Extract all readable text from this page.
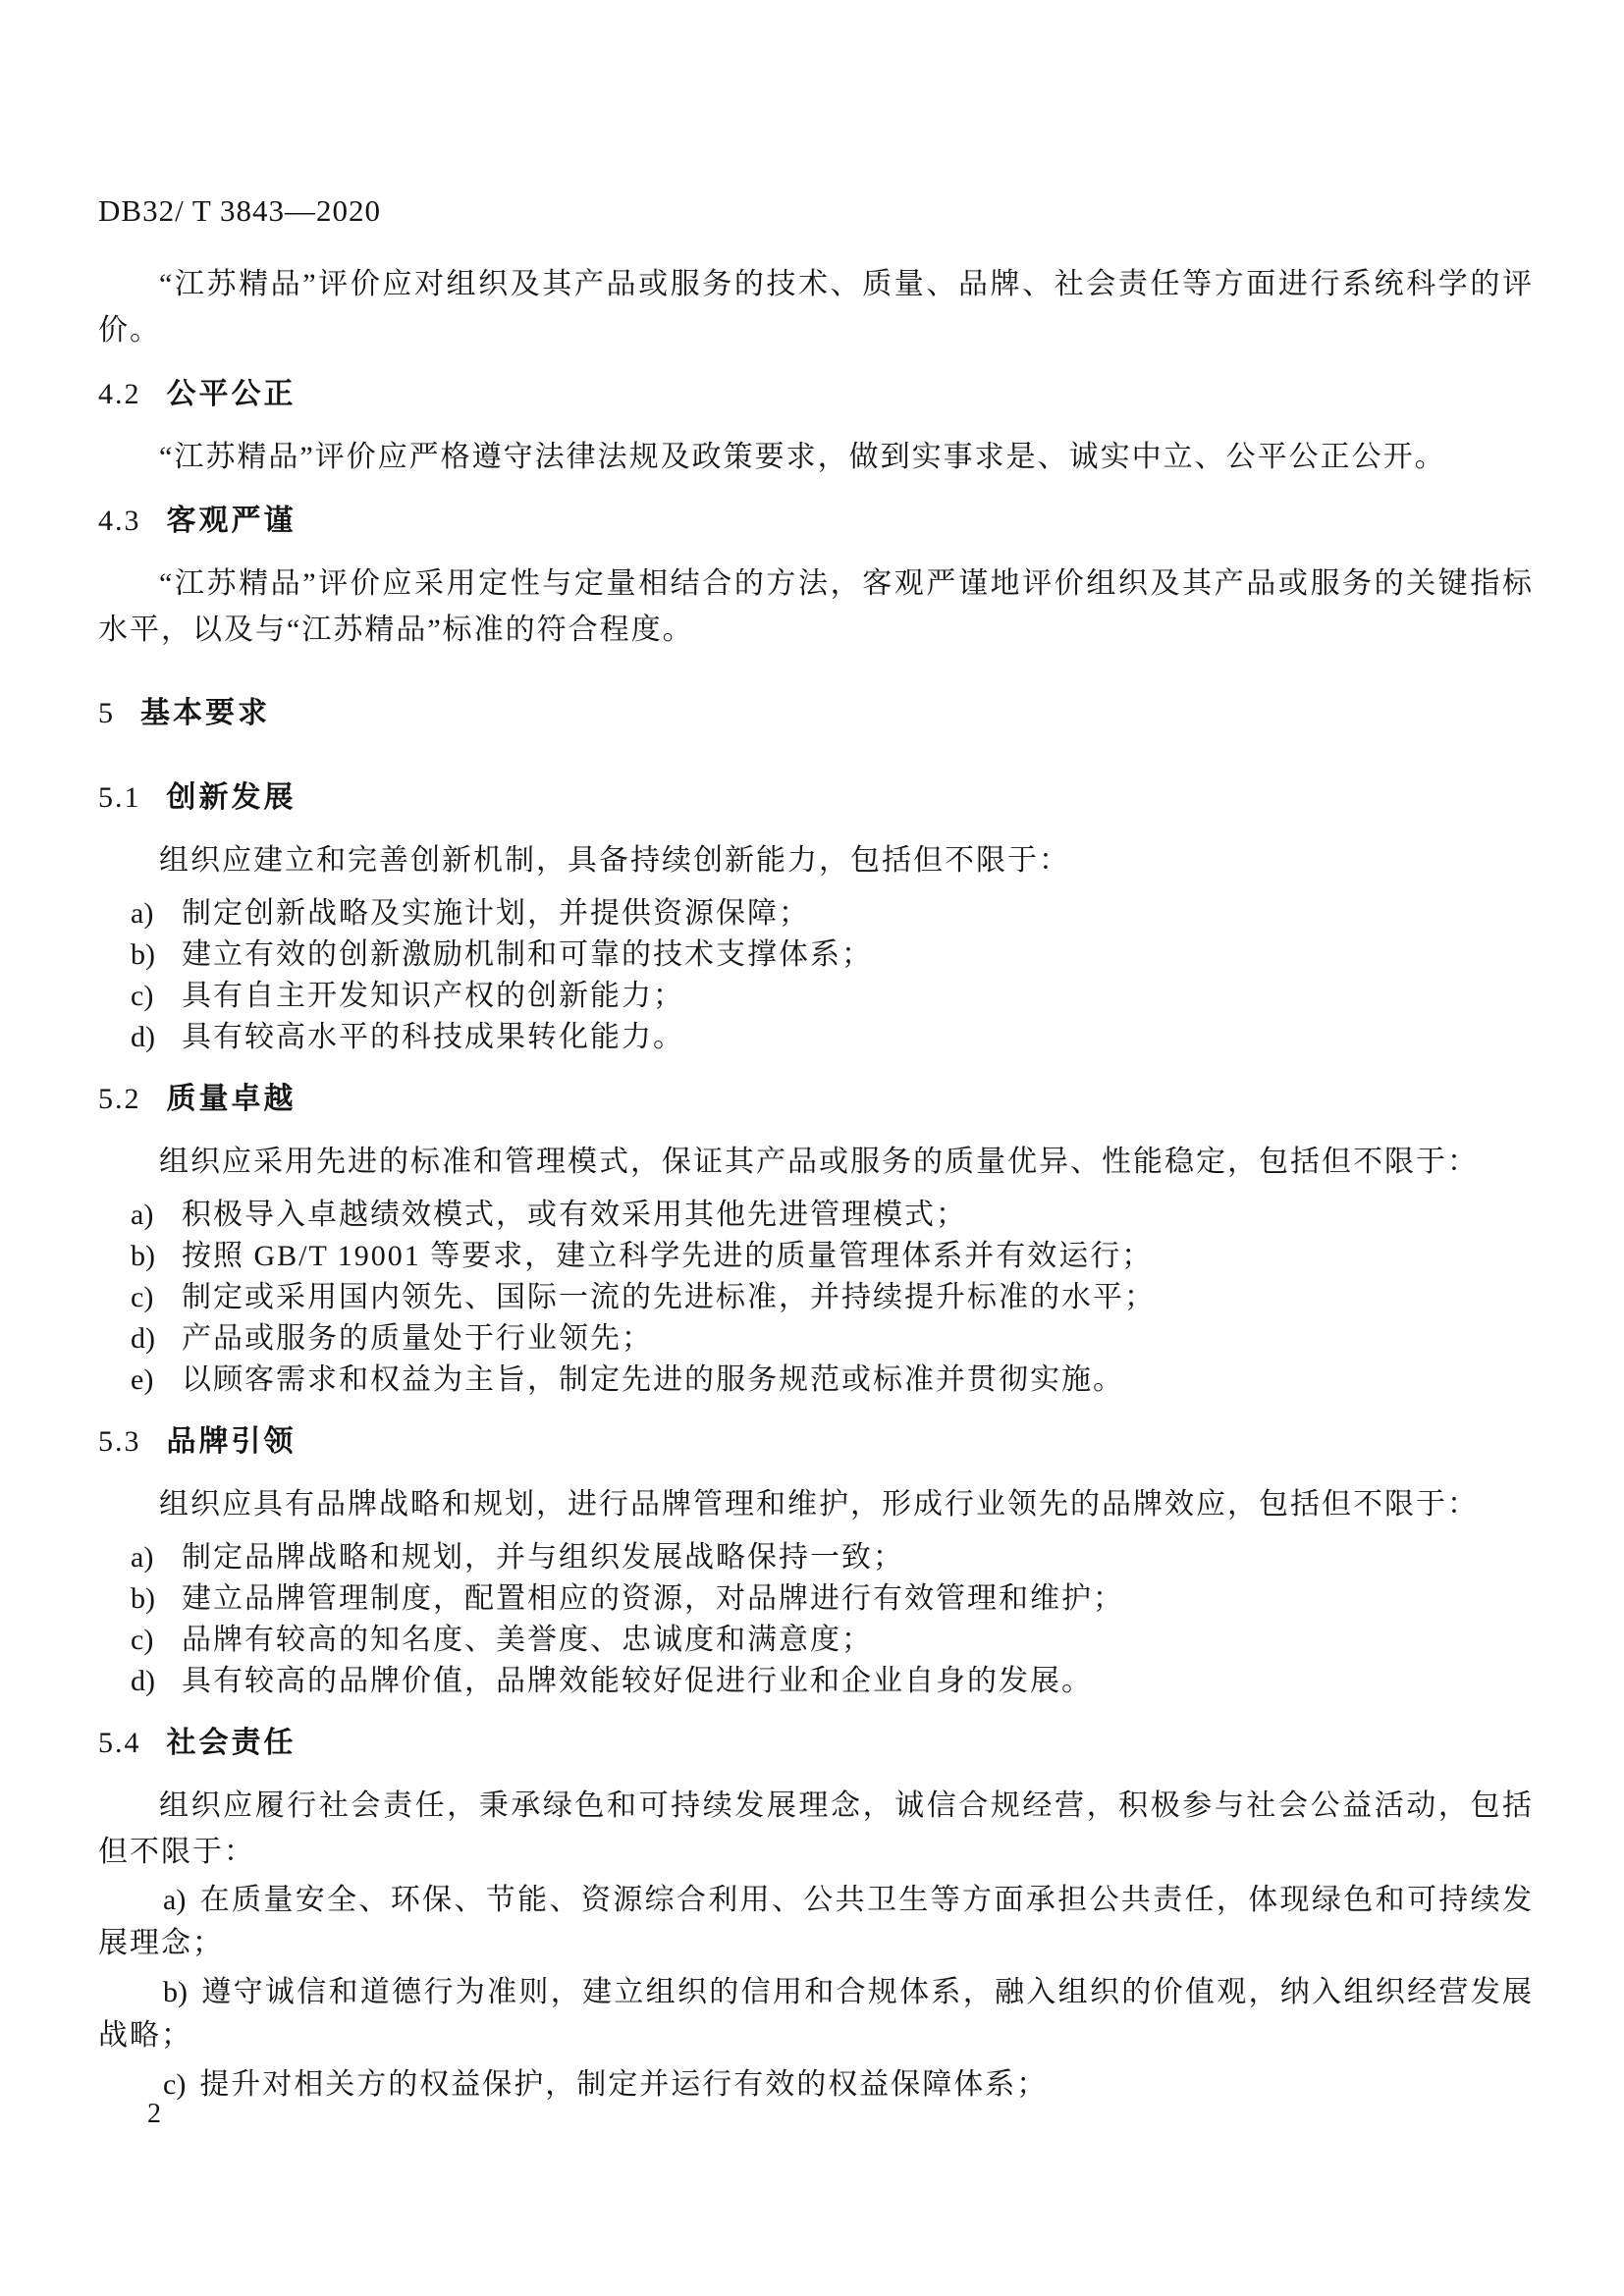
DB32/ T 3843—2020

“江苏精品”评价应对组织及其产品或服务的技术、质量、品牌、社会责任等方面进行系统科学的评价。

4.2 公平公正

“江苏精品”评价应严格遵守法律法规及政策要求，做到实事求是、诚实中立、公平公正公开。

4.3 客观严谨

“江苏精品”评价应采用定性与定量相结合的方法，客观严谨地评价组织及其产品或服务的关键指标水平，以及与“江苏精品”标准的符合程度。

5 基本要求
5.1 创新发展

组织应建立和完善创新机制，具备持续创新能力，包括但不限于：

a) 制定创新战略及实施计划，并提供资源保障；
b) 建立有效的创新激励机制和可靠的技术支撑体系；
c) 具有自主开发知识产权的创新能力；
d) 具有较高水平的科技成果转化能力。
5.2 质量卓越

组织应采用先进的标准和管理模式，保证其产品或服务的质量优异、性能稳定，包括但不限于：

a) 积极导入卓越绩效模式，或有效采用其他先进管理模式；
b) 按照 GB/T 19001 等要求，建立科学先进的质量管理体系并有效运行；
c) 制定或采用国内领先、国际一流的先进标准，并持续提升标准的水平；
d) 产品或服务的质量处于行业领先；
e) 以顾客需求和权益为主旨，制定先进的服务规范或标准并贯彻实施。
5.3 品牌引领

组织应具有品牌战略和规划，进行品牌管理和维护，形成行业领先的品牌效应，包括但不限于：

a) 制定品牌战略和规划，并与组织发展战略保持一致；
b) 建立品牌管理制度，配置相应的资源，对品牌进行有效管理和维护；
c) 品牌有较高的知名度、美誉度、忠诚度和满意度；
d) 具有较高的品牌价值，品牌效能较好促进行业和企业自身的发展。
5.4 社会责任

组织应履行社会责任，秉承绿色和可持续发展理念，诚信合规经营，积极参与社会公益活动，包括但不限于：

a) 在质量安全、环保、节能、资源综合利用、公共卫生等方面承担公共责任，体现绿色和可持续发展理念；
b) 遵守诚信和道德行为准则，建立组织的信用和合规体系，融入组织的价值观，纳入组织经营发展战略；
c) 提升对相关方的权益保护，制定并运行有效的权益保障体系；
2
